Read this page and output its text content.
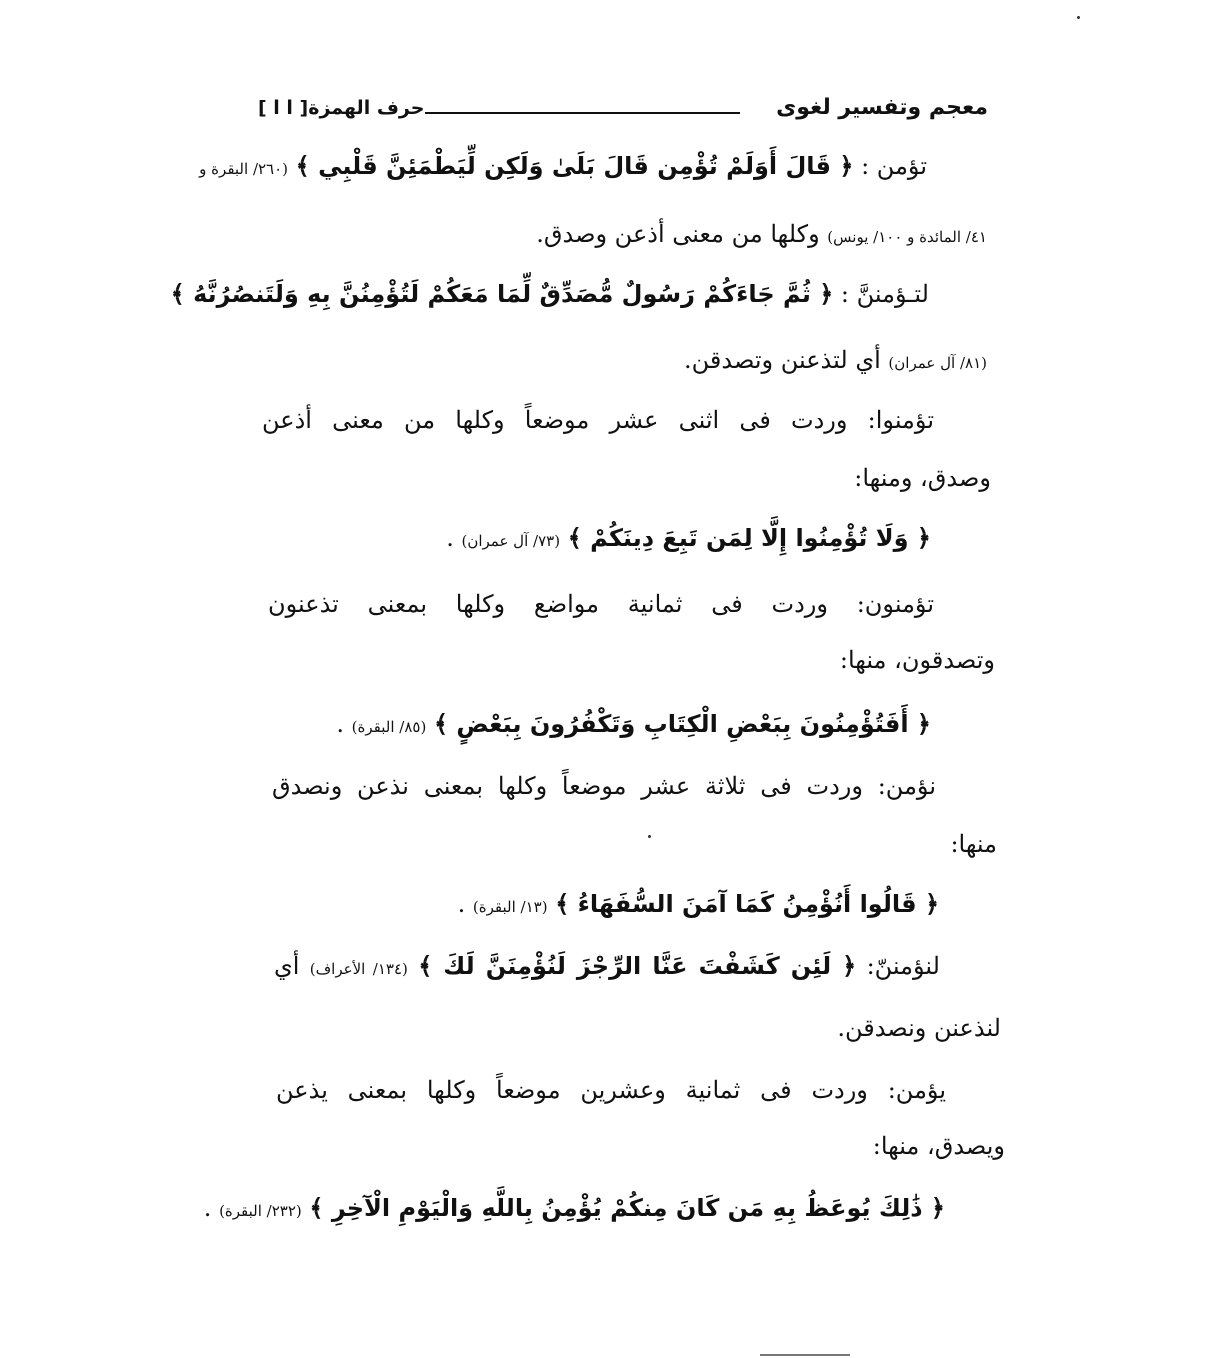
معجم وتفسير لغوى
حرف الهمزة[ ا ا ]
تؤمن : ﴿ قَالَ أَوَلَمْ تُؤْمِن قَالَ بَلَىٰ وَلَكِن لِّيَطْمَئِنَّ قَلْبِي ﴾ (٢٦٠/ البقرة و
٤١/ المائدة و ١٠٠/ يونس) وكلها من معنى أذعن وصدق.
لتـؤمننَّ : ﴿ ثُمَّ جَاءَكُمْ رَسُولٌ مُّصَدِّقٌ لِّمَا مَعَكُمْ لَتُؤْمِنُنَّ بِهِ وَلَتَنصُرُنَّهُ ﴾
(٨١/ آل عمران) أي لتذعنن وتصدقن.
تؤمنوا: وردت فى اثنى عشر موضعاً وكلها من معنى أذعن
وصدق، ومنها:
﴿ وَلَا تُؤْمِنُوا إِلَّا لِمَن تَبِعَ دِينَكُمْ ﴾ (٧٣/ آل عمران) .
تؤمنون: وردت فى ثمانية مواضع وكلها بمعنى تذعنون
وتصدقون، منها:
﴿ أَفَتُؤْمِنُونَ بِبَعْضِ الْكِتَابِ وَتَكْفُرُونَ بِبَعْضٍ ﴾ (٨٥/ البقرة) .
نؤمن: وردت فى ثلاثة عشر موضعاً وكلها بمعنى نذعن ونصدق
منها:
﴿ قَالُوا أَنُؤْمِنُ كَمَا آمَنَ السُّفَهَاءُ ﴾ (١٣/ البقرة) .
لنؤمننّ: ﴿ لَئِن كَشَفْتَ عَنَّا الرِّجْزَ لَنُؤْمِنَنَّ لَكَ ﴾ (١٣٤/ الأعراف) أي
لنذعنن ونصدقن.
يؤمن: وردت فى ثمانية وعشرين موضعاً وكلها بمعنى يذعن
ويصدق، منها:
﴿ ذَٰلِكَ يُوعَظُ بِهِ مَن كَانَ مِنكُمْ يُؤْمِنُ بِاللَّهِ وَالْيَوْمِ الْآخِرِ ﴾ (٢٣٢/ البقرة) .
